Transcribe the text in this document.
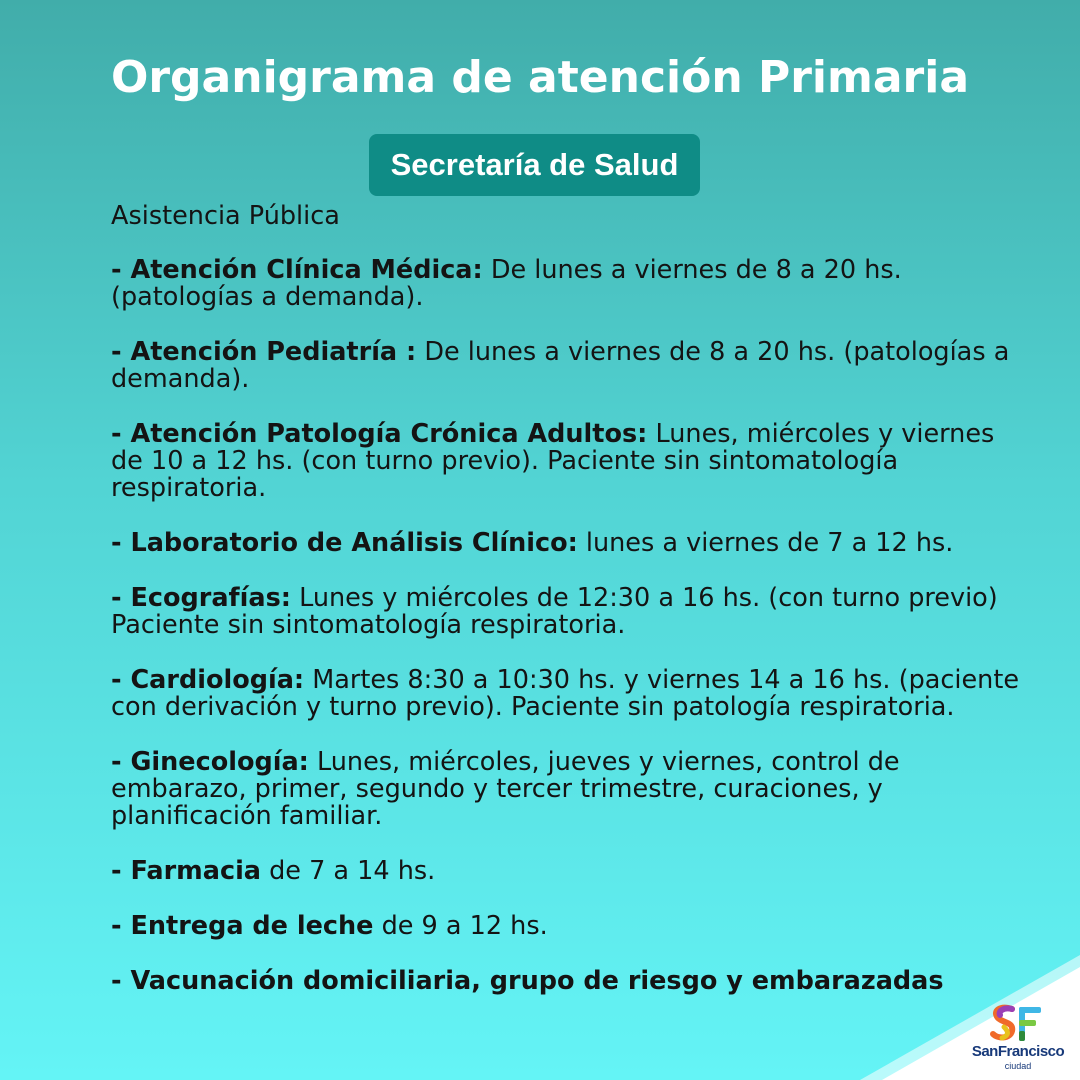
Organigrama de atención Primaria
Secretaría de Salud
Asistencia Pública
- Atención Clínica Médica: De lunes a viernes de 8 a 20 hs. (patologías a demanda).
- Atención Pediatría : De lunes a viernes de 8 a 20 hs. (patologías a demanda).
- Atención Patología Crónica Adultos: Lunes, miércoles y viernes de 10 a 12 hs. (con turno previo). Paciente sin sintomatología respiratoria.
- Laboratorio de Análisis Clínico: lunes a viernes de 7 a 12 hs.
- Ecografías: Lunes y miércoles de 12:30 a 16 hs. (con turno previo) Paciente sin sintomatología respiratoria.
- Cardiología: Martes 8:30 a 10:30 hs. y viernes 14 a 16 hs. (paciente con derivación y turno previo). Paciente sin patología respiratoria.
- Ginecología: Lunes, miércoles, jueves y viernes, control de embarazo, primer, segundo y tercer trimestre, curaciones, y planificación familiar.
- Farmacia de 7 a 14 hs.
- Entrega de leche de 9 a 12 hs.
- Vacunación domiciliaria, grupo de riesgo y embarazadas
SanFrancisco
ciudad
